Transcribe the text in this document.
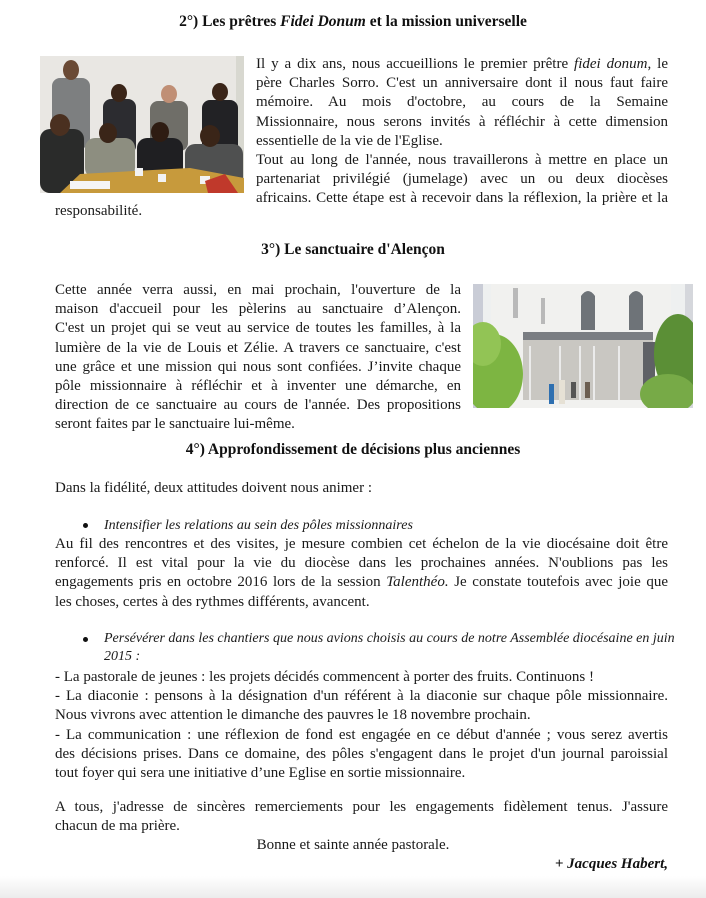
2°) Les prêtres Fidei Donum et la mission universelle
Il y a dix ans, nous accueillions le premier prêtre fidei donum, le
père Charles Sorro. C'est un anniversaire dont il nous faut faire
mémoire. Au mois d'octobre, au cours de la Semaine
Missionnaire, nous serons invités à réfléchir à cette dimension
essentielle de la vie de l'Eglise.
Tout au long de l'année, nous travaillerons à mettre en place un
partenariat privilégié (jumelage) avec un ou deux diocèses
africains. Cette étape est à recevoir dans la réflexion, la prière et la
responsabilité.
3°) Le sanctuaire d'Alençon
Cette année verra aussi, en mai prochain, l'ouverture de la
maison d'accueil pour les pèlerins au sanctuaire d’Alençon.
C'est un projet qui se veut au service de toutes les familles, à la
lumière de la vie de Louis et Zélie. A travers ce sanctuaire, c'est
une grâce et une mission qui nous sont confiées. J’invite chaque
pôle missionnaire à réfléchir et à inventer une démarche, en
direction de ce sanctuaire au cours de l'année. Des propositions
seront faites par le sanctuaire lui-même.
4°) Approfondissement de décisions plus anciennes
Dans la fidélité, deux attitudes doivent nous animer :
Intensifier les relations au sein des pôles missionnaires
Au fil des rencontres et des visites, je mesure combien cet échelon de la vie diocésaine doit être
renforcé. Il est vital pour la vie du diocèse dans les prochaines années. N'oublions pas les
engagements pris en octobre 2016 lors de la session Talenthéo. Je constate toutefois avec joie que
les choses, certes à des rythmes différents, avancent.
Persévérer dans les chantiers que nous avions choisis au cours de notre Assemblée diocésaine en juin
2015 :
- La pastorale de jeunes : les projets décidés commencent à porter des fruits. Continuons !
- La diaconie : pensons à la désignation d'un référent à la diaconie sur chaque pôle missionnaire.
Nous vivrons avec attention le dimanche des pauvres le 18 novembre prochain.
- La communication : une réflexion de fond est engagée en ce début d'année ; vous serez avertis
des décisions prises. Dans ce domaine, des pôles s'engagent dans le projet d'un journal paroissial
tout foyer qui sera une initiative d’une Eglise en sortie missionnaire.
A tous, j'adresse de sincères remerciements pour les engagements fidèlement tenus. J'assure
chacun de ma prière.
Bonne et sainte année pastorale.
+ Jacques Habert,
